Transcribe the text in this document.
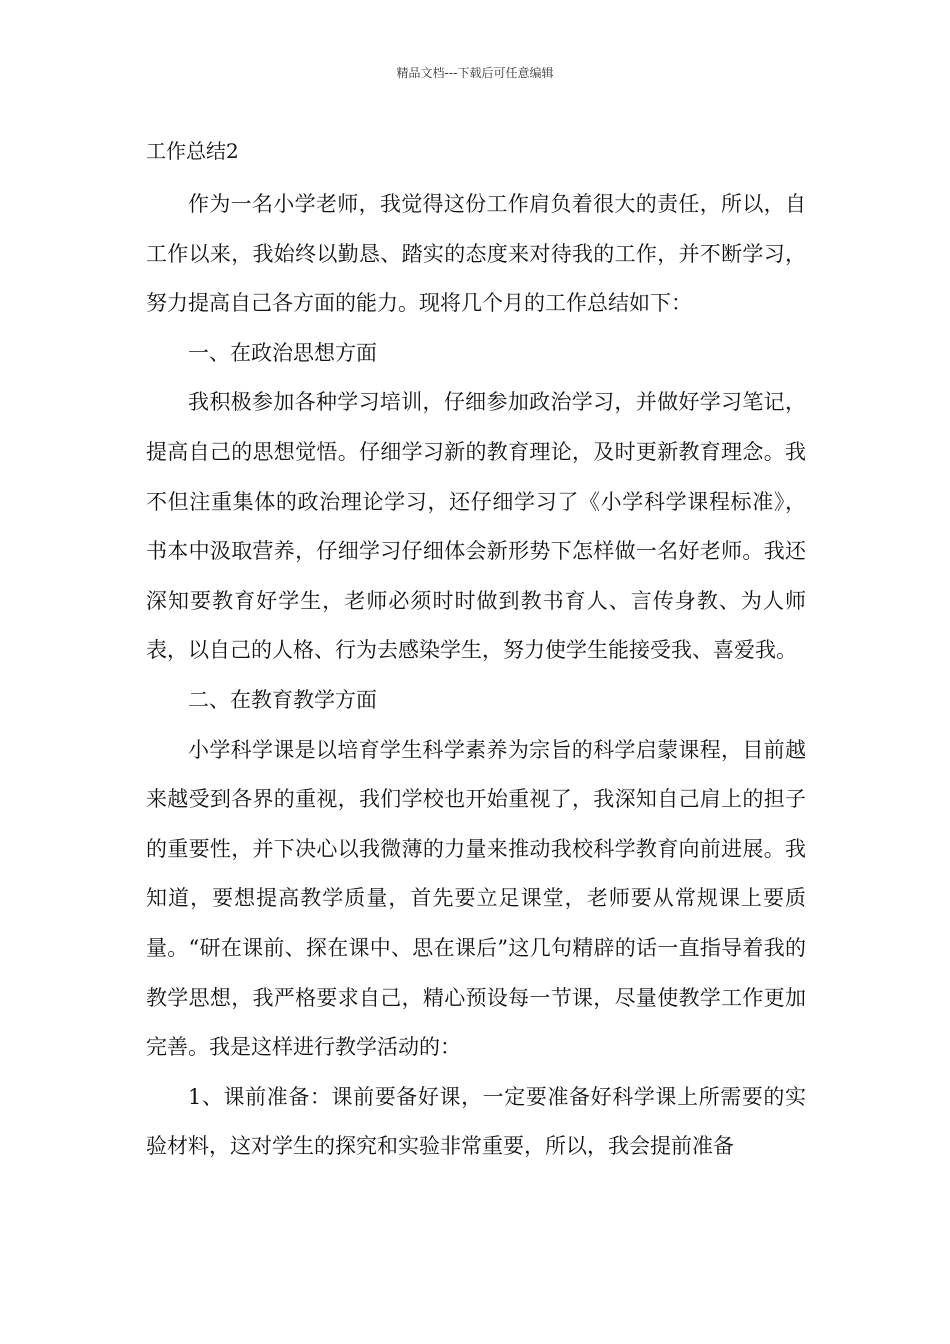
精品文档---下载后可任意编辑
工作总结2

作为一名小学老师，我觉得这份工作肩负着很大的责任，所以，自工作以来，我始终以勤恳、踏实的态度来对待我的工作，并不断学习，努力提高自己各方面的能力。现将几个月的工作总结如下：

一、在政治思想方面

我积极参加各种学习培训，仔细参加政治学习，并做好学习笔记，提高自己的思想觉悟。仔细学习新的教育理论，及时更新教育理念。我不但注重集体的政治理论学习，还仔细学习了《小学科学课程标准》，书本中汲取营养，仔细学习仔细体会新形势下怎样做一名好老师。我还深知要教育好学生，老师必须时时做到教书育人、言传身教、为人师表，以自己的人格、行为去感染学生，努力使学生能接受我、喜爱我。

二、在教育教学方面

小学科学课是以培育学生科学素养为宗旨的科学启蒙课程，目前越来越受到各界的重视，我们学校也开始重视了，我深知自己肩上的担子的重要性，并下决心以我微薄的力量来推动我校科学教育向前进展。我知道，要想提高教学质量，首先要立足课堂，老师要从常规课上要质量。“研在课前、探在课中、思在课后”这几句精辟的话一直指导着我的教学思想，我严格要求自己，精心预设每一节课，尽量使教学工作更加完善。我是这样进行教学活动的：

1、课前准备：课前要备好课，一定要准备好科学课上所需要的实验材料，这对学生的探究和实验非常重要，所以，我会提前准备
